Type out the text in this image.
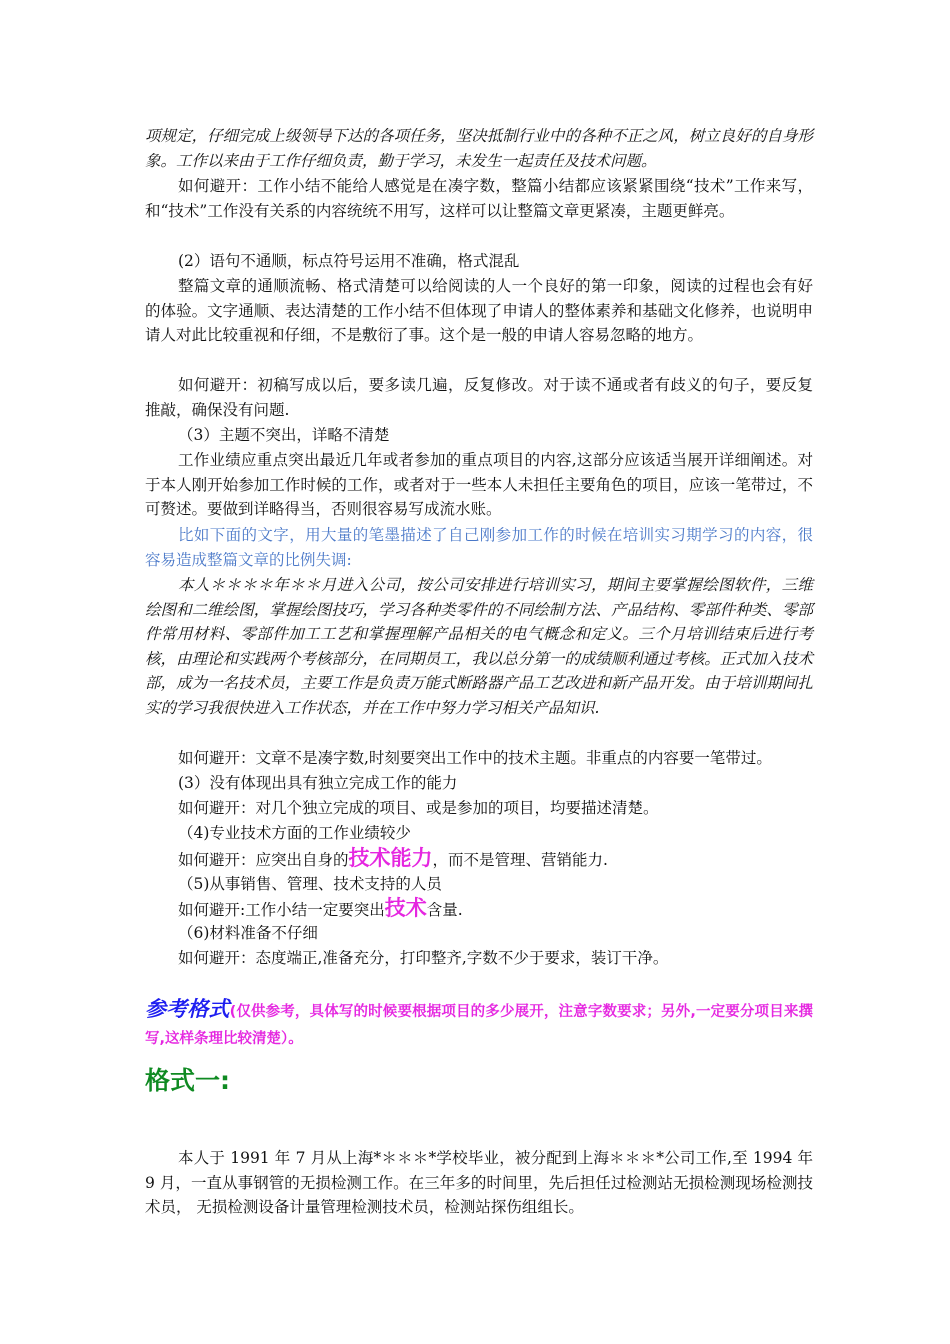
项规定，仔细完成上级领导下达的各项任务，坚决抵制行业中的各种不正之风，树立良好的自身形象。工作以来由于工作仔细负责，勤于学习，未发生一起责任及技术问题。

如何避开：工作小结不能给人感觉是在凑字数，整篇小结都应该紧紧围绕“技术”工作来写，和“技术”工作没有关系的内容统统不用写，这样可以让整篇文章更紧凑，主题更鲜亮。

(2）语句不通顺，标点符号运用不准确，格式混乱

整篇文章的通顺流畅、格式清楚可以给阅读的人一个良好的第一印象，阅读的过程也会有好的体验。文字通顺、表达清楚的工作小结不但体现了申请人的整体素养和基础文化修养，也说明申请人对此比较重视和仔细，不是敷衍了事。这个是一般的申请人容易忽略的地方。

如何避开：初稿写成以后，要多读几遍，反复修改。对于读不通或者有歧义的句子，要反复推敲，确保没有问题.

（3）主题不突出，详略不清楚

工作业绩应重点突出最近几年或者参加的重点项目的内容,这部分应该适当展开详细阐述。对于本人刚开始参加工作时候的工作，或者对于一些本人未担任主要角色的项目，应该一笔带过，不可赘述。要做到详略得当，否则很容易写成流水账。

比如下面的文字，用大量的笔墨描述了自己刚参加工作的时候在培训实习期学习的内容，很容易造成整篇文章的比例失调:

本人＊＊＊＊年＊＊月进入公司，按公司安排进行培训实习，期间主要掌握绘图软件，三维绘图和二维绘图，掌握绘图技巧，学习各种类零件的不同绘制方法、产品结构、零部件种类、零部件常用材料、零部件加工工艺和掌握理解产品相关的电气概念和定义。三个月培训结束后进行考核，由理论和实践两个考核部分，在同期员工，我以总分第一的成绩顺利通过考核。正式加入技术部，成为一名技术员，主要工作是负责万能式断路器产品工艺改进和新产品开发。由于培训期间扎实的学习我很快进入工作状态，并在工作中努力学习相关产品知识.

如何避开：文章不是凑字数,时刻要突出工作中的技术主题。非重点的内容要一笔带过。

(3）没有体现出具有独立完成工作的能力

如何避开：对几个独立完成的项目、或是参加的项目，均要描述清楚。

（4)专业技术方面的工作业绩较少

如何避开：应突出自身的技术能力，而不是管理、营销能力.

（5)从事销售、管理、技术支持的人员

如何避开:工作小结一定要突出技术含量.

（6)材料准备不仔细

如何避开：态度端正,准备充分，打印整齐,字数不少于要求，装订干净。

参考格式(仅供参考，具体写的时候要根据项目的多少展开，注意字数要求；另外,一定要分项目来撰写,这样条理比较清楚）。

格式一:

本人于 1991 年 7 月从上海*＊＊＊*学校毕业，被分配到上海＊＊＊*公司工作,至 1994 年 9 月，一直从事钢管的无损检测工作。在三年多的时间里，先后担任过检测站无损检测现场检测技术员， 无损检测设备计量管理检测技术员，检测站探伤组组长。
